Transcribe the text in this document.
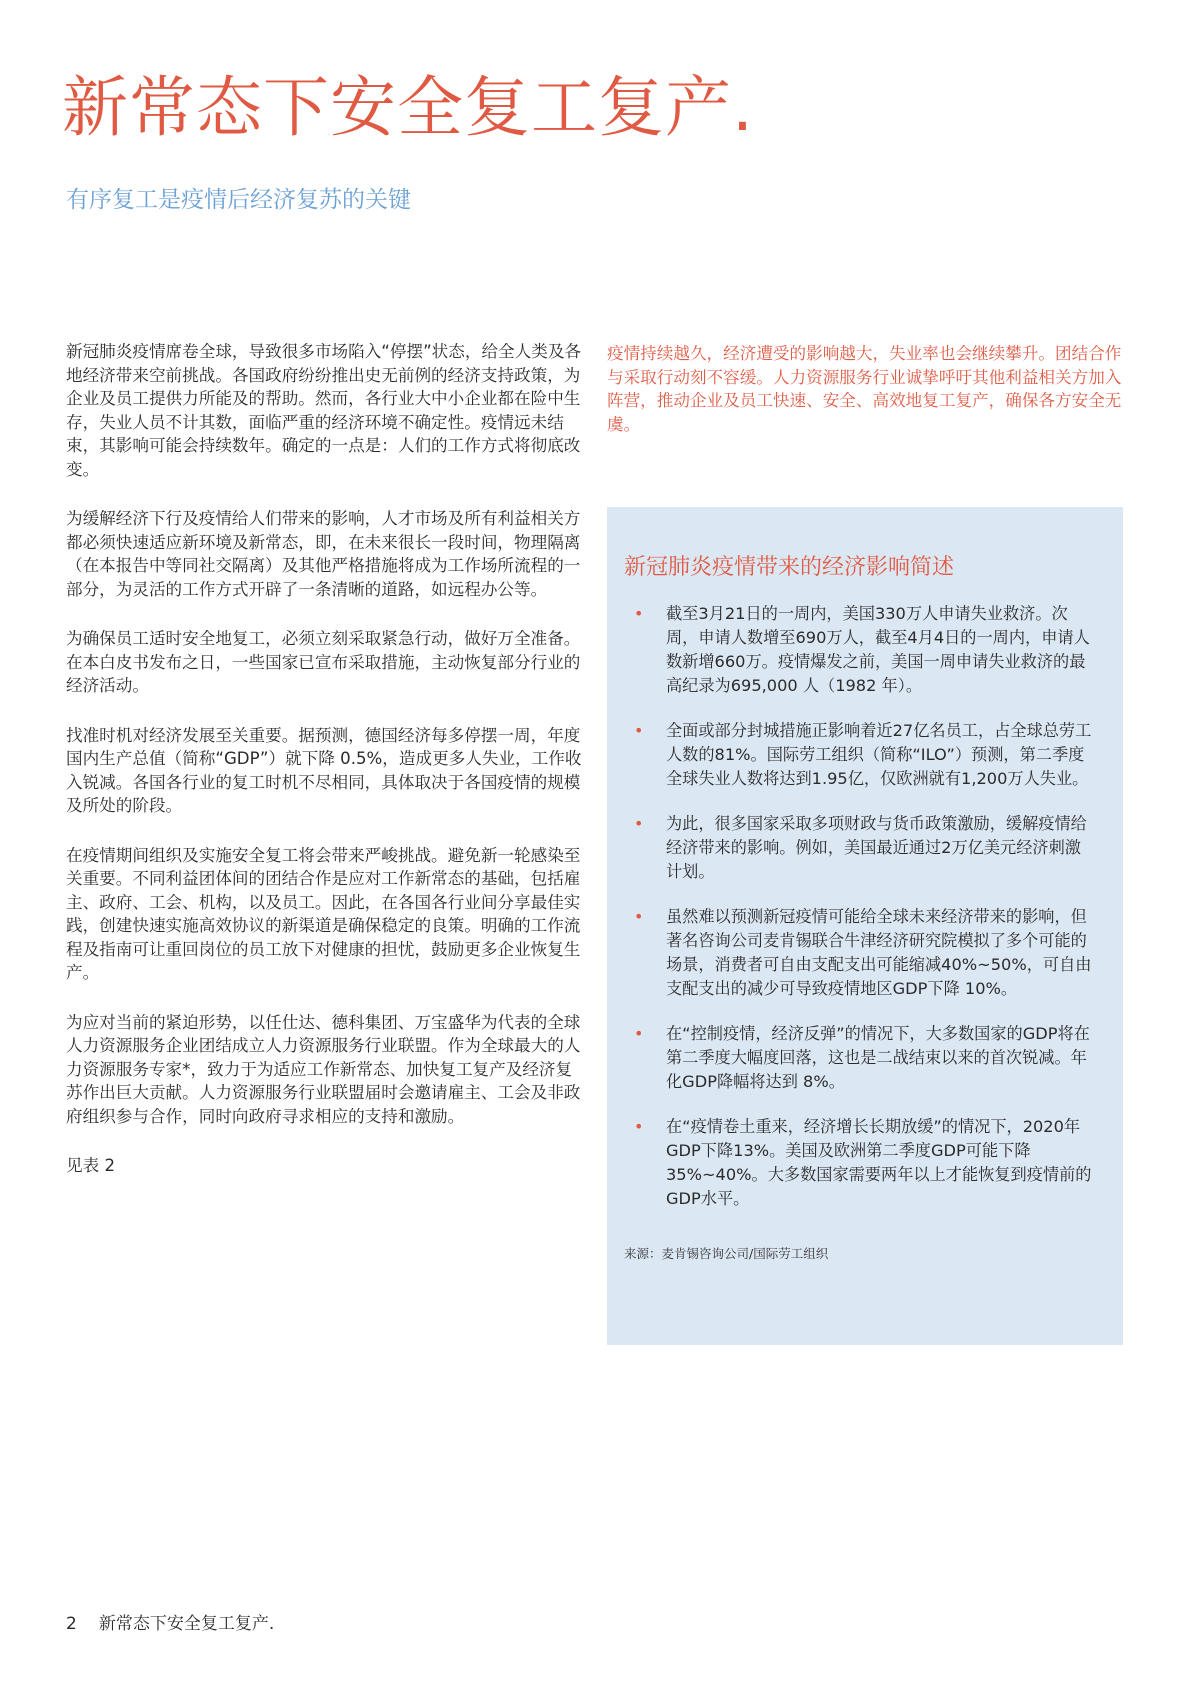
新常态下安全复工复产.
有序复工是疫情后经济复苏的关键

新冠肺炎疫情席卷全球，导致很多市场陷入“停摆”状态，给全人类及各地经济带来空前挑战。各国政府纷纷推出史无前例的经济支持政策，为企业及员工提供力所能及的帮助。然而，各行业大中小企业都在险中生存，失业人员不计其数，面临严重的经济环境不确定性。疫情远未结束，其影响可能会持续数年。确定的一点是：人们的工作方式将彻底改变。

为缓解经济下行及疫情给人们带来的影响，人才市场及所有利益相关方都必须快速适应新环境及新常态，即，在未来很长一段时间，物理隔离（在本报告中等同社交隔离）及其他严格措施将成为工作场所流程的一部分，为灵活的工作方式开辟了一条清晰的道路，如远程办公等。

为确保员工适时安全地复工，必须立刻采取紧急行动，做好万全准备。在本白皮书发布之日，一些国家已宣布采取措施，主动恢复部分行业的经济活动。

找准时机对经济发展至关重要。据预测，德国经济每多停摆一周，年度国内生产总值（简称“GDP”）就下降 0.5%，造成更多人失业，工作收入锐减。各国各行业的复工时机不尽相同，具体取决于各国疫情的规模及所处的阶段。

在疫情期间组织及实施安全复工将会带来严峻挑战。避免新一轮感染至关重要。不同利益团体间的团结合作是应对工作新常态的基础，包括雇主、政府、工会、机构，以及员工。因此，在各国各行业间分享最佳实践，创建快速实施高效协议的新渠道是确保稳定的良策。明确的工作流程及指南可让重回岗位的员工放下对健康的担忧，鼓励更多企业恢复生产。

为应对当前的紧迫形势，以任仕达、德科集团、万宝盛华为代表的全球人力资源服务企业团结成立人力资源服务行业联盟。作为全球最大的人力资源服务专家*，致力于为适应工作新常态、加快复工复产及经济复苏作出巨大贡献。人力资源服务行业联盟届时会邀请雇主、工会及非政府组织参与合作，同时向政府寻求相应的支持和激励。

见表 2

疫情持续越久，经济遭受的影响越大，失业率也会继续攀升。团结合作与采取行动刻不容缓。人力资源服务行业诚挚呼吁其他利益相关方加入阵营，推动企业及员工快速、安全、高效地复工复产，确保各方安全无虞。

新冠肺炎疫情带来的经济影响简述
• 截至3月21日的一周内，美国330万人申请失业救济。次周，申请人数增至690万人，截至4月4日的一周内，申请人数新增660万。疫情爆发之前，美国一周申请失业救济的最高纪录为695,000 人（1982 年）。
• 全面或部分封城措施正影响着近27亿名员工，占全球总劳工人数的81%。国际劳工组织（简称“ILO”）预测，第二季度全球失业人数将达到1.95亿，仅欧洲就有1,200万人失业。
• 为此，很多国家采取多项财政与货币政策激励，缓解疫情给经济带来的影响。例如，美国最近通过2万亿美元经济刺激计划。
• 虽然难以预测新冠疫情可能给全球未来经济带来的影响，但著名咨询公司麦肯锡联合牛津经济研究院模拟了多个可能的场景，消费者可自由支配支出可能缩减40%~50%，可自由支配支出的减少可导致疫情地区GDP下降 10%。
• 在“控制疫情，经济反弹”的情况下，大多数国家的GDP将在第二季度大幅度回落，这也是二战结束以来的首次锐减。年化GDP降幅将达到 8%。
• 在“疫情卷土重来，经济增长长期放缓”的情况下，2020年GDP下降13%。美国及欧洲第二季度GDP可能下降35%~40%。大多数国家需要两年以上才能恢复到疫情前的GDP水平。
来源：麦肯锡咨询公司/国际劳工组织
2 新常态下安全复工复产.
